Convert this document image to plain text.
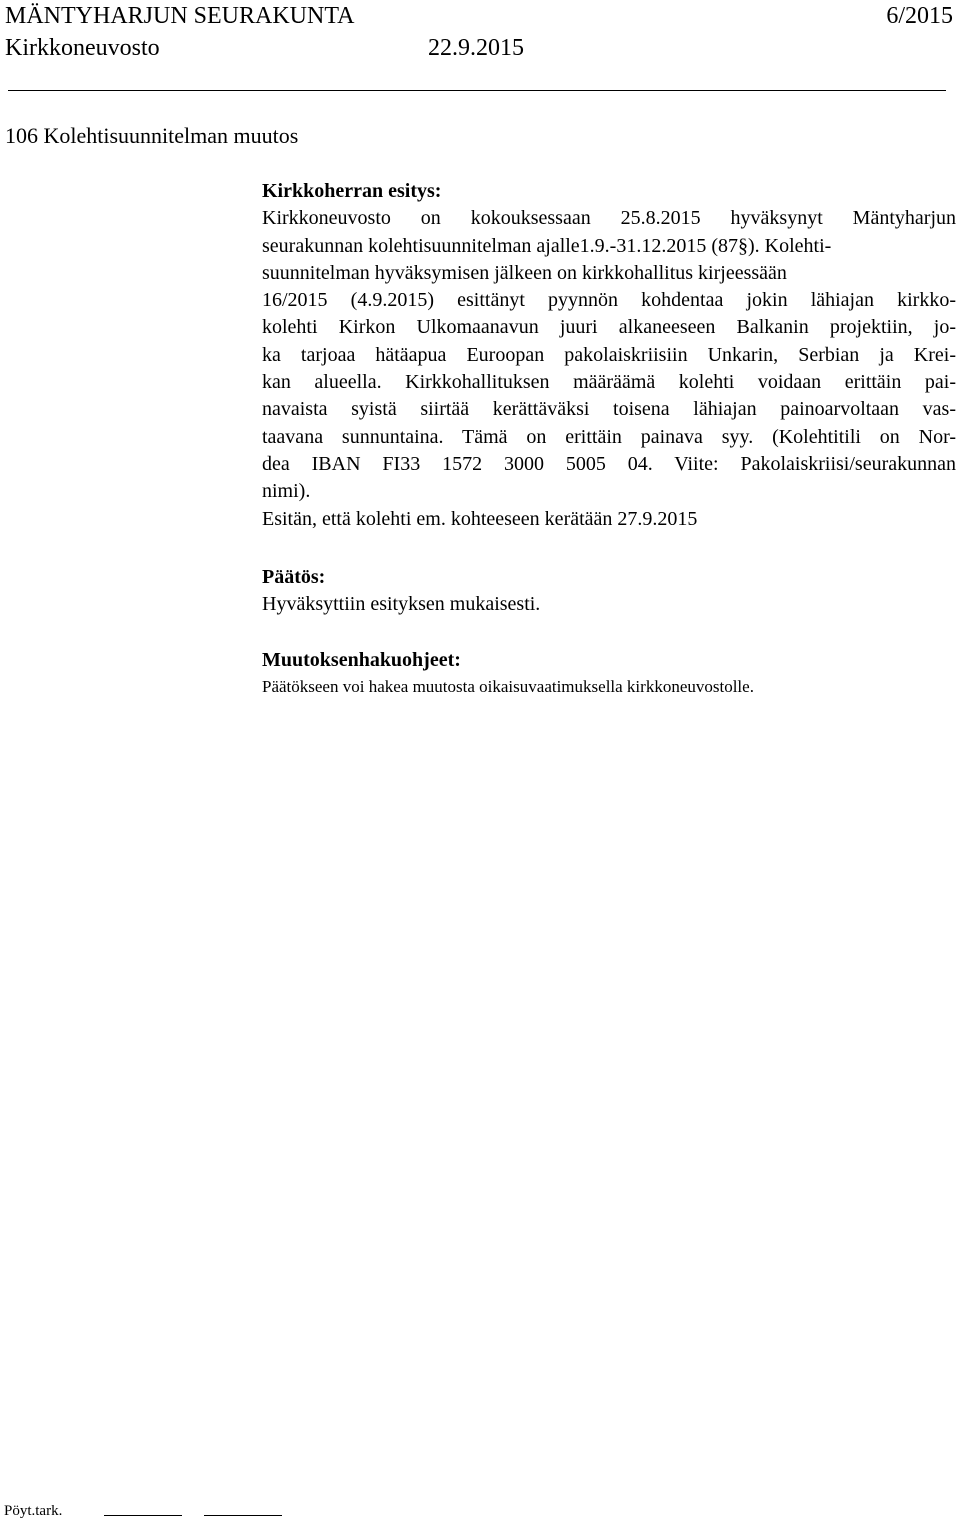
MÄNTYHARJUN SEURAKUNTA	6/2015
Kirkkoneuvosto	22.9.2015
106 Kolehtisuunnitelman muutos
Kirkkoherran esitys:
Kirkkoneuvosto on kokouksessaan 25.8.2015 hyväksynyt Mäntyharjun
seurakunnan kolehtisuunnitelman ajalle1.9.-31.12.2015 (87§). Kolehti-
suunnitelman hyväksymisen jälkeen on kirkkohallitus kirjeessään
16/2015 (4.9.2015) esittänyt pyynnön kohdentaa jokin lähiajan kirkko-
kolehti Kirkon Ulkomaanavun juuri alkaneeseen Balkanin projektiin, jo-
ka tarjoaa hätäapua Euroopan pakolaiskriisiin Unkarin, Serbian ja Krei-
kan alueella. Kirkkohallituksen määräämä kolehti voidaan erittäin pai-
navaista syistä siirtää kerättäväksi toisena lähiajan painoarvoltaan vas-
taavana sunnuntaina. Tämä on erittäin painava syy. (Kolehtitili on Nor-
dea IBAN FI33 1572 3000 5005 04. Viite: Pakolaiskriisi/seurakunnan
nimi).
Esitän, että kolehti em. kohteeseen kerätään 27.9.2015
Päätös:
Hyväksyttiin esityksen mukaisesti.
Muutoksenhakuohjeet:
Päätökseen voi hakea muutosta oikaisuvaatimuksella kirkkoneuvostolle.
Pöyt.tark.
